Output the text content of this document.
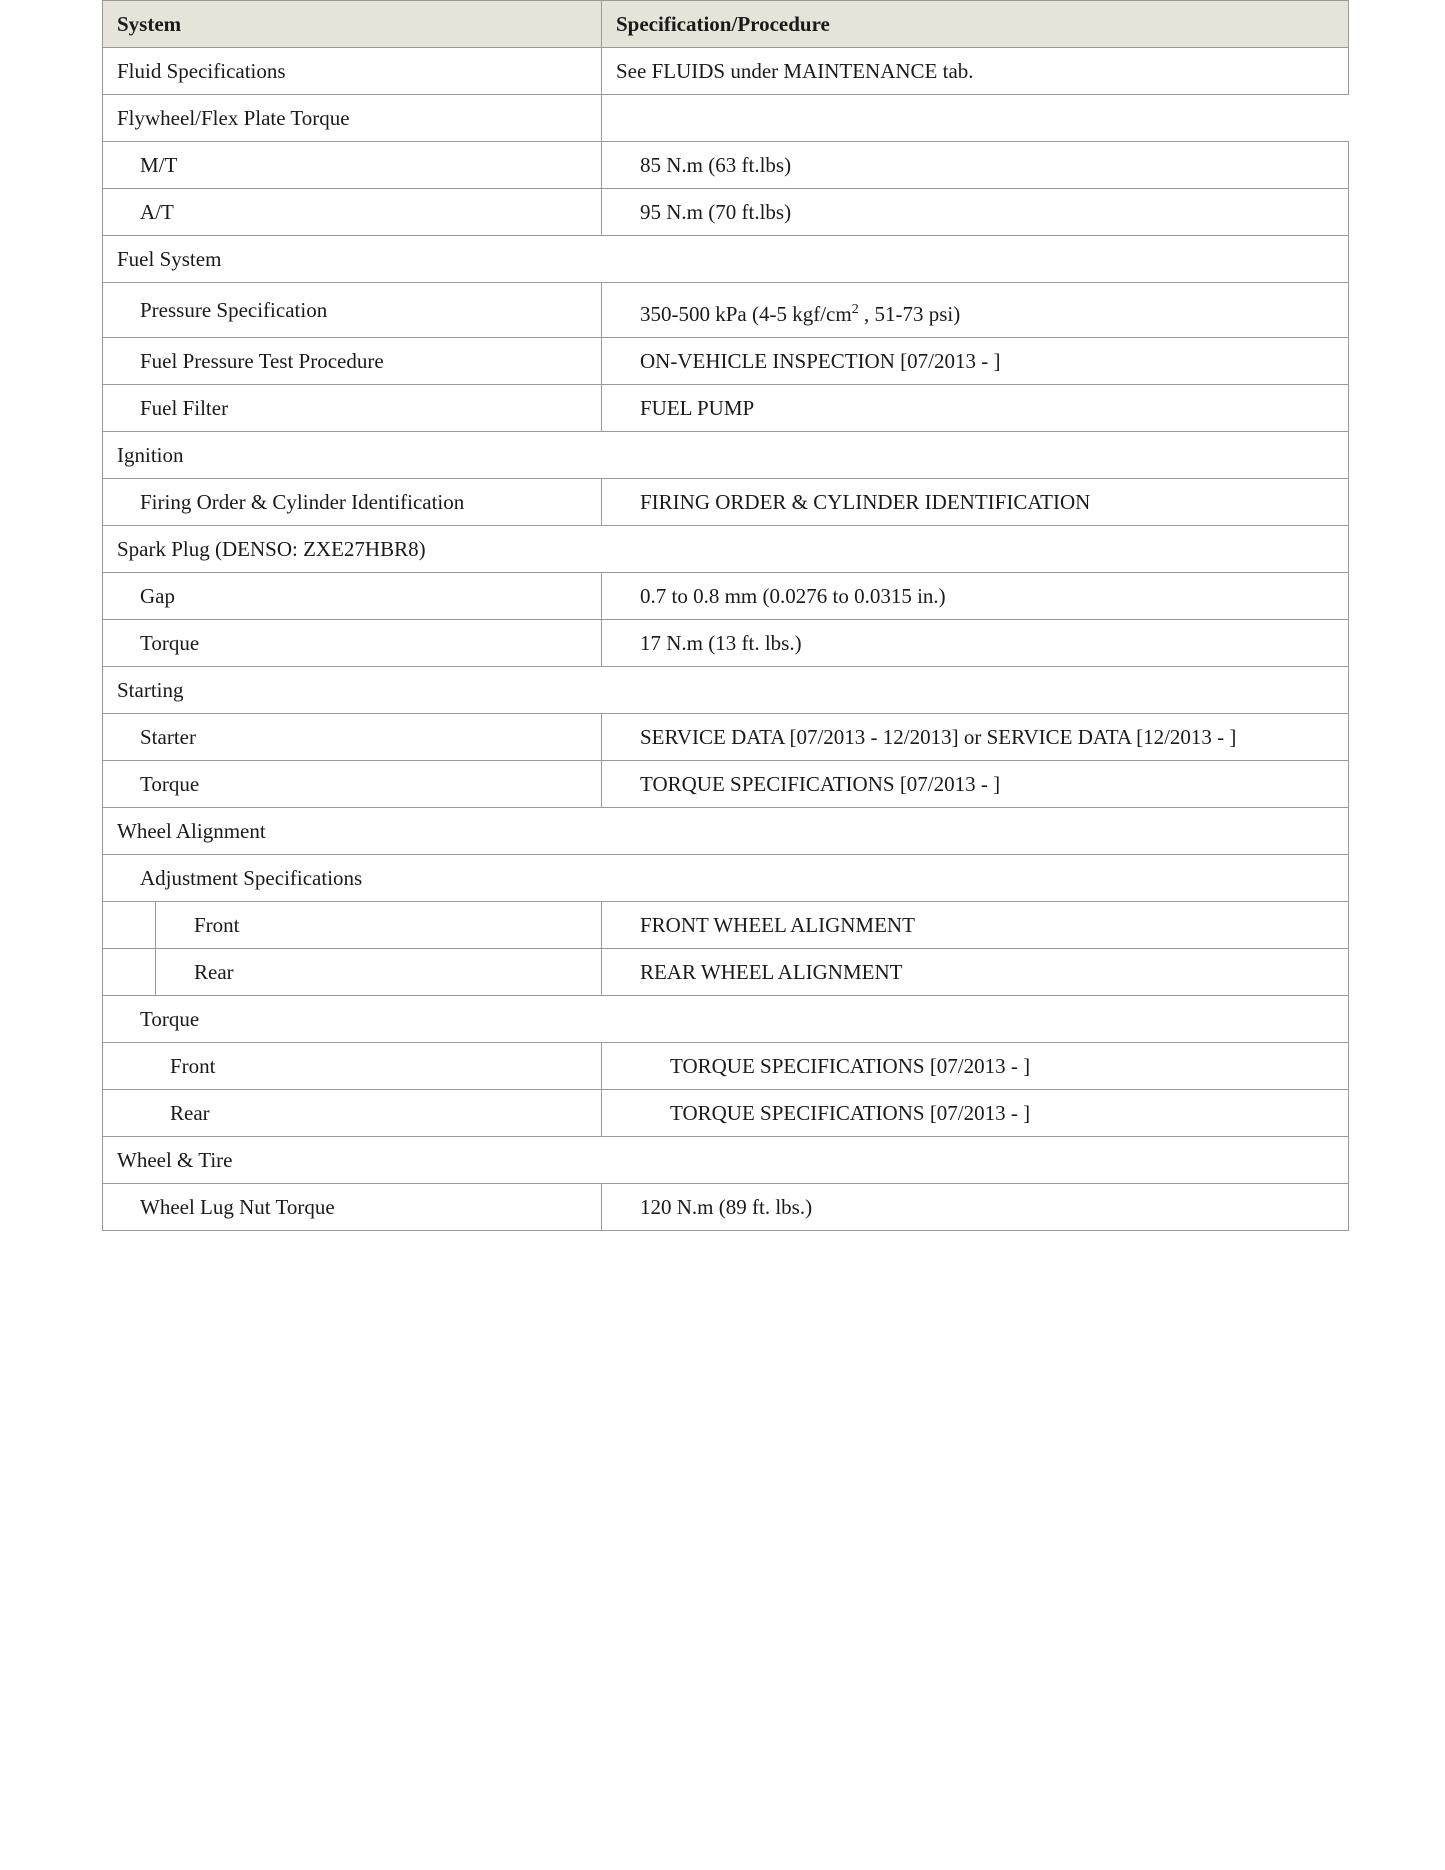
System	Specification/Procedure
Fluid Specifications	See FLUIDS under MAINTENANCE tab.
Flywheel/Flex Plate Torque	
M/T	85 N.m (63 ft.lbs)
A/T	95 N.m (70 ft.lbs)
Fuel System	
Pressure Specification	350-500 kPa (4-5 kgf/$cm^2$ , 51-73 psi)
Fuel Pressure Test Procedure	ON-VEHICLE INSPECTION [07/2013 - ]
Fuel Filter	FUEL PUMP
Ignition	
Firing Order & Cylinder Identification	FIRING ORDER & CYLINDER IDENTIFICATION
Spark Plug (DENSO: ZXE27HBR8)	
Gap	0.7 to 0.8 mm (0.0276 to 0.0315 in.)
Torque	17 N.m (13 ft. lbs.)
Starting	
Starter	SERVICE DATA [07/2013 - 12/2013] or SERVICE DATA [12/2013 - ]
Torque	TORQUE SPECIFICATIONS [07/2013 - ]
Wheel Alignment	
Adjustment Specifications	

Front	FRONT WHEEL ALIGNMENT

Rear	REAR WHEEL ALIGNMENT
Torque	
Front	TORQUE SPECIFICATIONS [07/2013 - ]
Rear	TORQUE SPECIFICATIONS [07/2013 - ]
Wheel & Tire	
Wheel Lug Nut Torque	120 N.m (89 ft. lbs.)
